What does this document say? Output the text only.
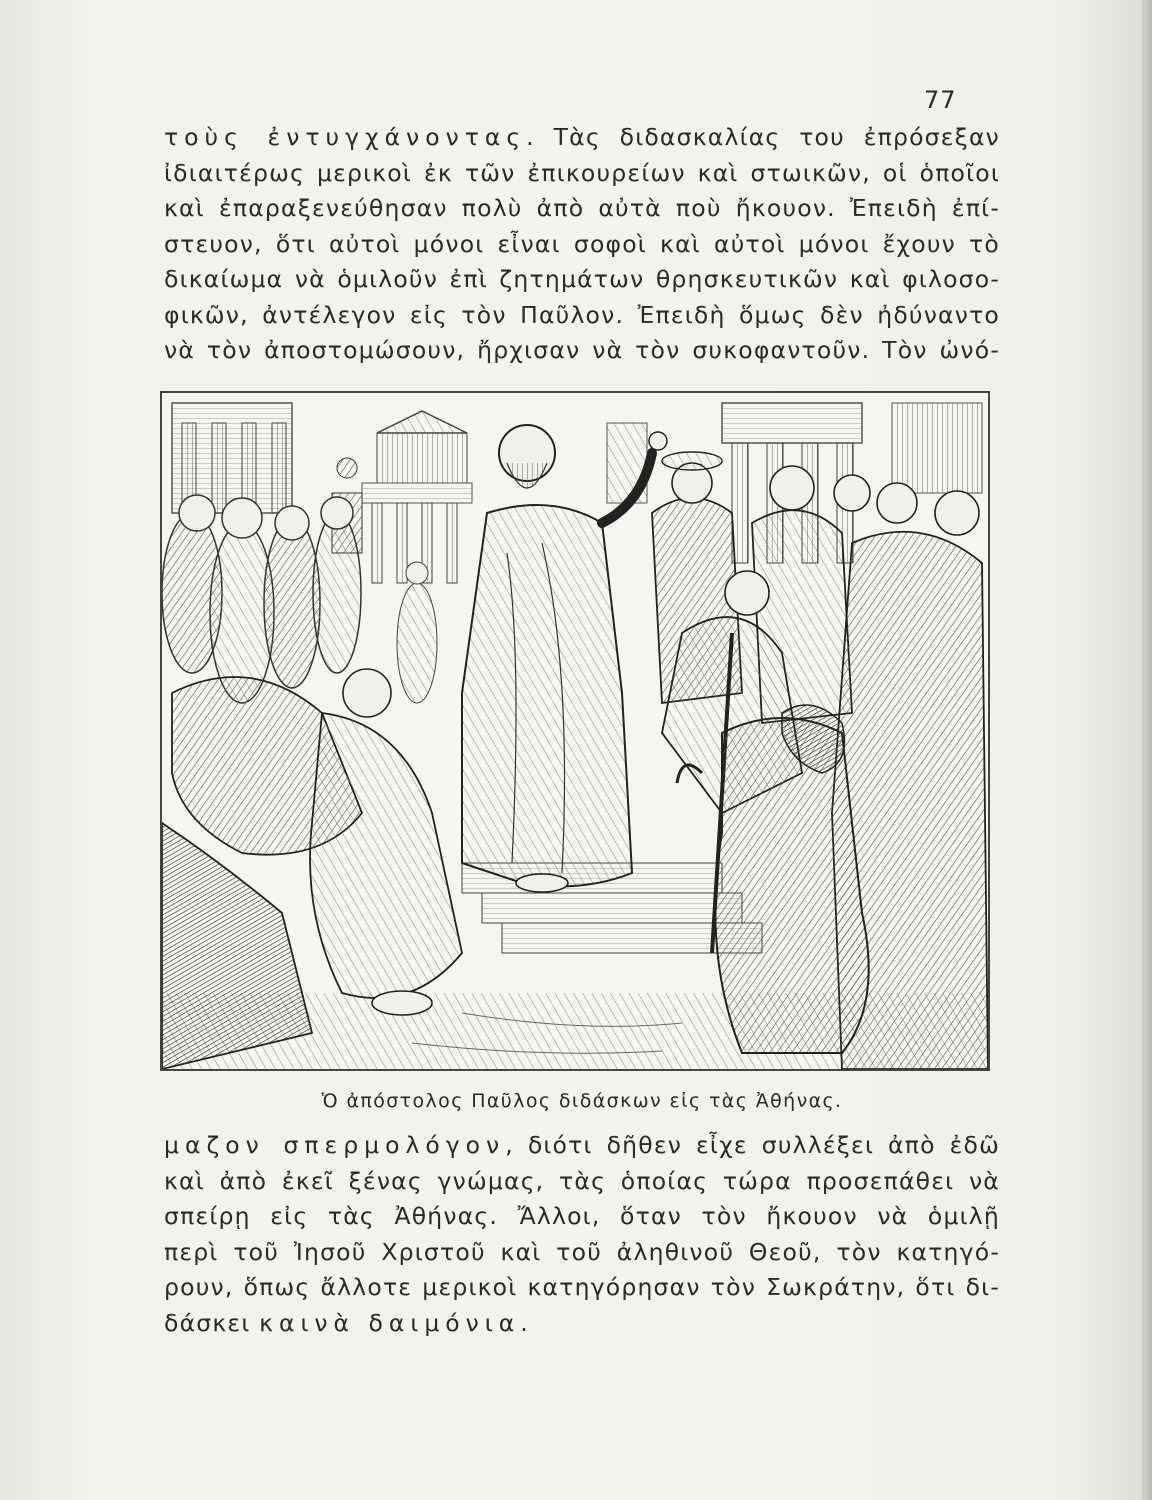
77
τοὺς ἐντυγχάνοντας. Τὰς διδασκαλίας του ἐπρόσεξαν
ἰδιαιτέρως μερικοὶ ἐκ τῶν ἐπικουρείων καὶ στωικῶν, οἱ ὁποῖοι
καὶ ἐπαραξενεύθησαν πολὺ ἀπὸ αὐτὰ ποὺ ἤκουον. Ἐπειδὴ ἐπί-
στευον, ὅτι αὐτοὶ μόνοι εἶναι σοφοὶ καὶ αὐτοὶ μόνοι ἔχουν τὸ
δικαίωμα νὰ ὁμιλοῦν ἐπὶ ζητημάτων θρησκευτικῶν καὶ φιλοσο-
φικῶν, ἀντέλεγον εἰς τὸν Παῦλον. Ἐπειδὴ ὅμως δὲν ἠδύναντο
νὰ τὸν ἀποστομώσουν, ἤρχισαν νὰ τὸν συκοφαντοῦν. Τὸν ὠνό-
Ὁ ἀπόστολος Παῦλος διδάσκων εἰς τὰς Ἀθήνας.
μαζον σπερμολόγον, διότι δῆθεν εἶχε συλλέξει ἀπὸ ἐδῶ
καὶ ἀπὸ ἐκεῖ ξένας γνώμας, τὰς ὁποίας τώρα προσεπάθει νὰ
σπείρῃ εἰς τὰς Ἀθήνας. Ἄλλοι, ὅταν τὸν ἤκουον νὰ ὁμιλῇ
περὶ τοῦ Ἰησοῦ Χριστοῦ καὶ τοῦ ἀληθινοῦ Θεοῦ, τὸν κατηγό-
ρουν, ὅπως ἄλλοτε μερικοὶ κατηγόρησαν τὸν Σωκράτην, ὅτι δι-
δάσκει καινὰ δαιμόνια.
